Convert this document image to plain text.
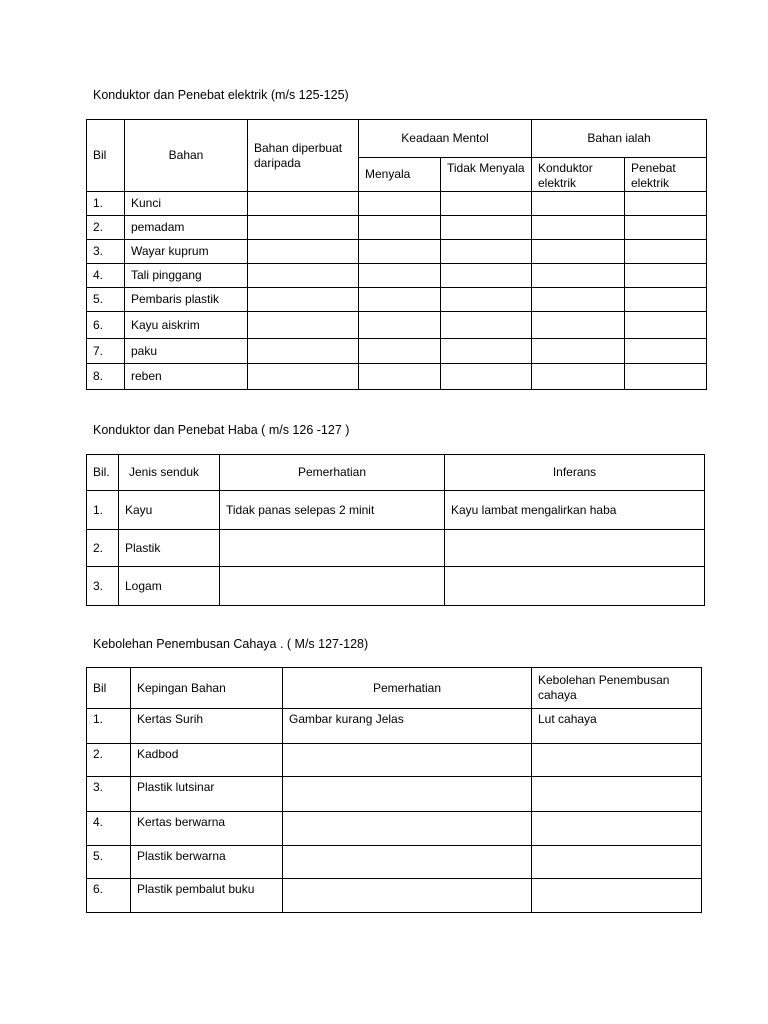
Konduktor dan Penebat elektrik (m/s 125-125)
Bil	Bahan	Bahan diperbuat daripada	Keadaan Mentol		Bahan ialah	
			Menyala	Tidak Menyala	Konduktor elektrik	Penebat elektrik
1.	Kunci					
2.	pemadam					
3.	Wayar kuprum					
4.	Tali pinggang					
5.	Pembaris plastik					
6.	Kayu aiskrim					
7.	paku					
8.	reben					
Konduktor dan Penebat Haba ( m/s 126 -127 )
Bil.	Jenis senduk	Pemerhatian	Inferans
1.	Kayu	Tidak panas selepas 2 minit	Kayu lambat mengalirkan haba
2.	Plastik		
3.	Logam		
Kebolehan Penembusan Cahaya . ( M/s 127-128)
Bil	Kepingan Bahan	Pemerhatian	Kebolehan Penembusan cahaya
1.	Kertas Surih	Gambar kurang Jelas	Lut cahaya
2.	Kadbod		
3.	Plastik lutsinar		
4.	Kertas berwarna		
5.	Plastik berwarna		
6.	Plastik pembalut buku		
